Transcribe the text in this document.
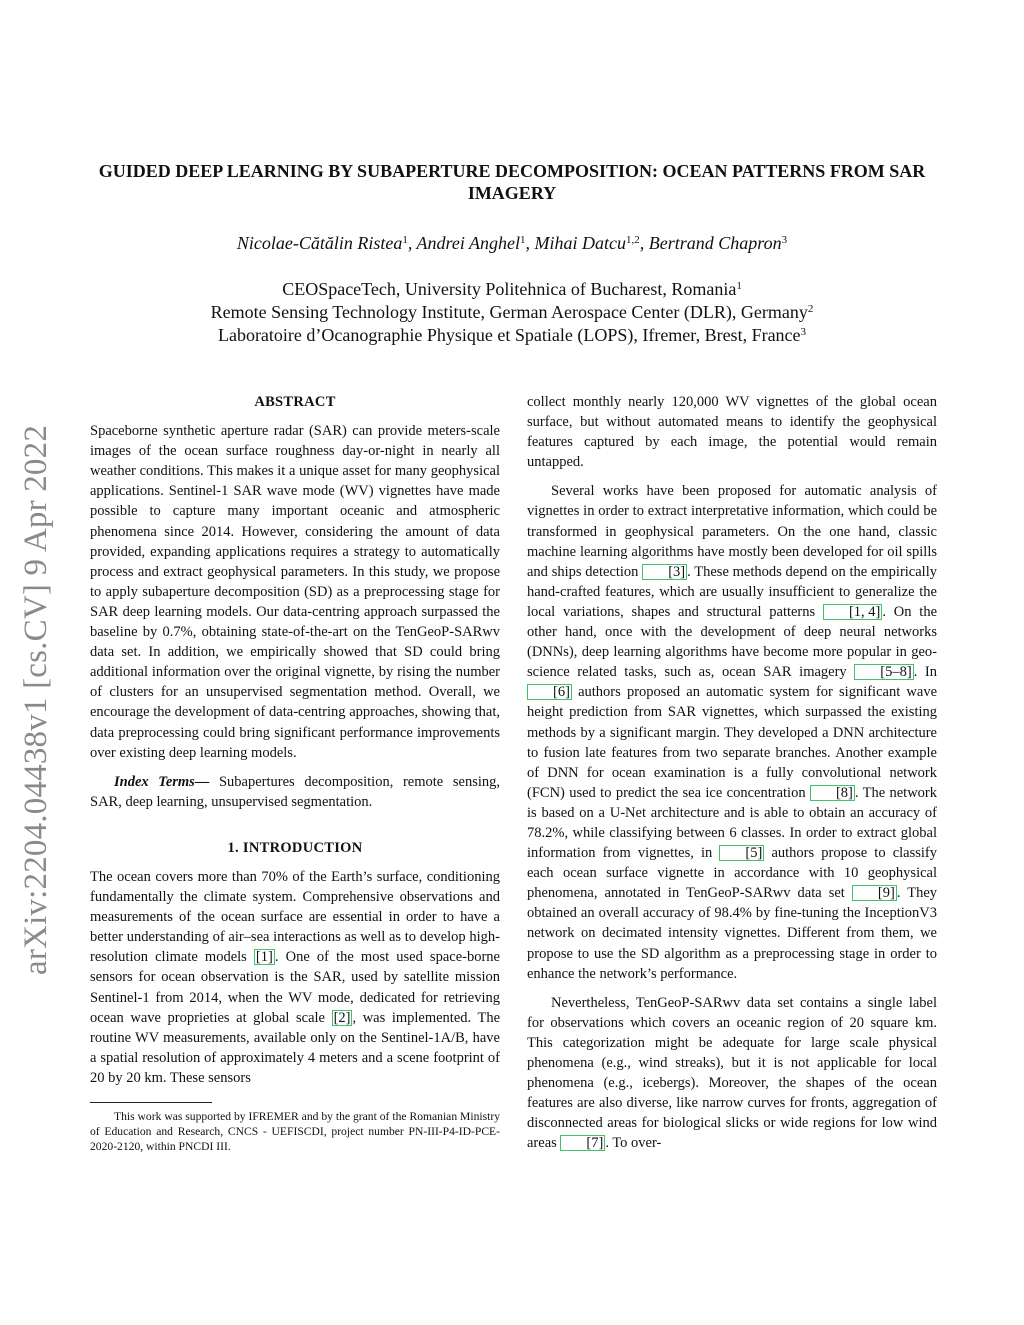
arXiv:2204.04438v1 [cs.CV] 9 Apr 2022
GUIDED DEEP LEARNING BY SUBAPERTURE DECOMPOSITION: OCEAN PATTERNS FROM SAR IMAGERY
Nicolae-Cătălin Ristea$^1$, Andrei Anghel$^1$, Mihai Datcu$^{1,2}$, Bertrand Chapron$^3$
CEOSpaceTech, University Politehnica of Bucharest, Romania$^1$
Remote Sensing Technology Institute, German Aerospace Center (DLR), Germany$^2$
Laboratoire d’Ocanographie Physique et Spatiale (LOPS), Ifremer, Brest, France$^3$
ABSTRACT

Spaceborne synthetic aperture radar (SAR) can provide meters-scale images of the ocean surface roughness day-or-night in nearly all weather conditions. This makes it a unique asset for many geophysical applications. Sentinel-1 SAR wave mode (WV) vignettes have made possible to capture many important oceanic and atmospheric phenomena since 2014. However, considering the amount of data provided, expanding applications requires a strategy to automatically process and extract geophysical parameters. In this study, we propose to apply subaperture decomposition (SD) as a preprocessing stage for SAR deep learning models. Our data-centring approach surpassed the baseline by 0.7%, obtaining state-of-the-art on the TenGeoP-SARwv data set. In addition, we empirically showed that SD could bring additional information over the original vignette, by rising the number of clusters for an unsupervised segmentation method. Overall, we encourage the development of data-centring approaches, showing that, data preprocessing could bring significant performance improvements over existing deep learning models.

Index Terms— Subapertures decomposition, remote sensing, SAR, deep learning, unsupervised segmentation.

1. INTRODUCTION

The ocean covers more than 70% of the Earth’s surface, conditioning fundamentally the climate system. Comprehensive observations and measurements of the ocean surface are essential in order to have a better understanding of air–sea interactions as well as to develop high-resolution climate models [1] . One of the most used space-borne sensors for ocean observation is the SAR, used by satellite mission Sentinel-1 from 2014, when the WV mode, dedicated for retrieving ocean wave proprieties at global scale [2] , was implemented. The routine WV measurements, available only on the Sentinel-1A/B, have a spatial resolution of approximately 4 meters and a scene footprint of 20 by 20 km. These sensors

This work was supported by IFREMER and by the grant of the Romanian Ministry of Education and Research, CNCS - UEFISCDI, project number PN-III-P4-ID-PCE-2020-2120, within PNCDI III.

collect monthly nearly 120,000 WV vignettes of the global ocean surface, but without automated means to identify the geophysical features captured by each image, the potential would remain untapped.

Several works have been proposed for automatic analysis of vignettes in order to extract interpretative information, which could be transformed in geophysical parameters. On the one hand, classic machine learning algorithms have mostly been developed for oil spills and ships detection [3] . These methods depend on the empirically hand-crafted features, which are usually insufficient to generalize the local variations, shapes and structural patterns [1, 4] . On the other hand, once with the development of deep neural networks (DNNs), deep learning algorithms have become more popular in geo-science related tasks, such as, ocean SAR imagery [5–8] . In [6] authors proposed an automatic system for significant wave height prediction from SAR vignettes, which surpassed the existing methods by a significant margin. They developed a DNN architecture to fusion late features from two separate branches. Another example of DNN for ocean examination is a fully convolutional network (FCN) used to predict the sea ice concentration [8] . The network is based on a U-Net architecture and is able to obtain an accuracy of 78.2%, while classifying between 6 classes. In order to extract global information from vignettes, in [5] authors propose to classify each ocean surface vignette in accordance with 10 geophysical phenomena, annotated in TenGeoP-SARwv data set [9] . They obtained an overall accuracy of 98.4% by fine-tuning the InceptionV3 network on decimated intensity vignettes. Different from them, we propose to use the SD algorithm as a preprocessing stage in order to enhance the network’s performance.

Nevertheless, TenGeoP-SARwv data set contains a single label for observations which covers an oceanic region of 20 square km. This categorization might be adequate for large scale physical phenomena (e.g., wind streaks), but it is not applicable for local phenomena (e.g., icebergs). Moreover, the shapes of the ocean features are also diverse, like narrow curves for fronts, aggregation of disconnected areas for biological slicks or wide regions for low wind areas [7] . To over-
